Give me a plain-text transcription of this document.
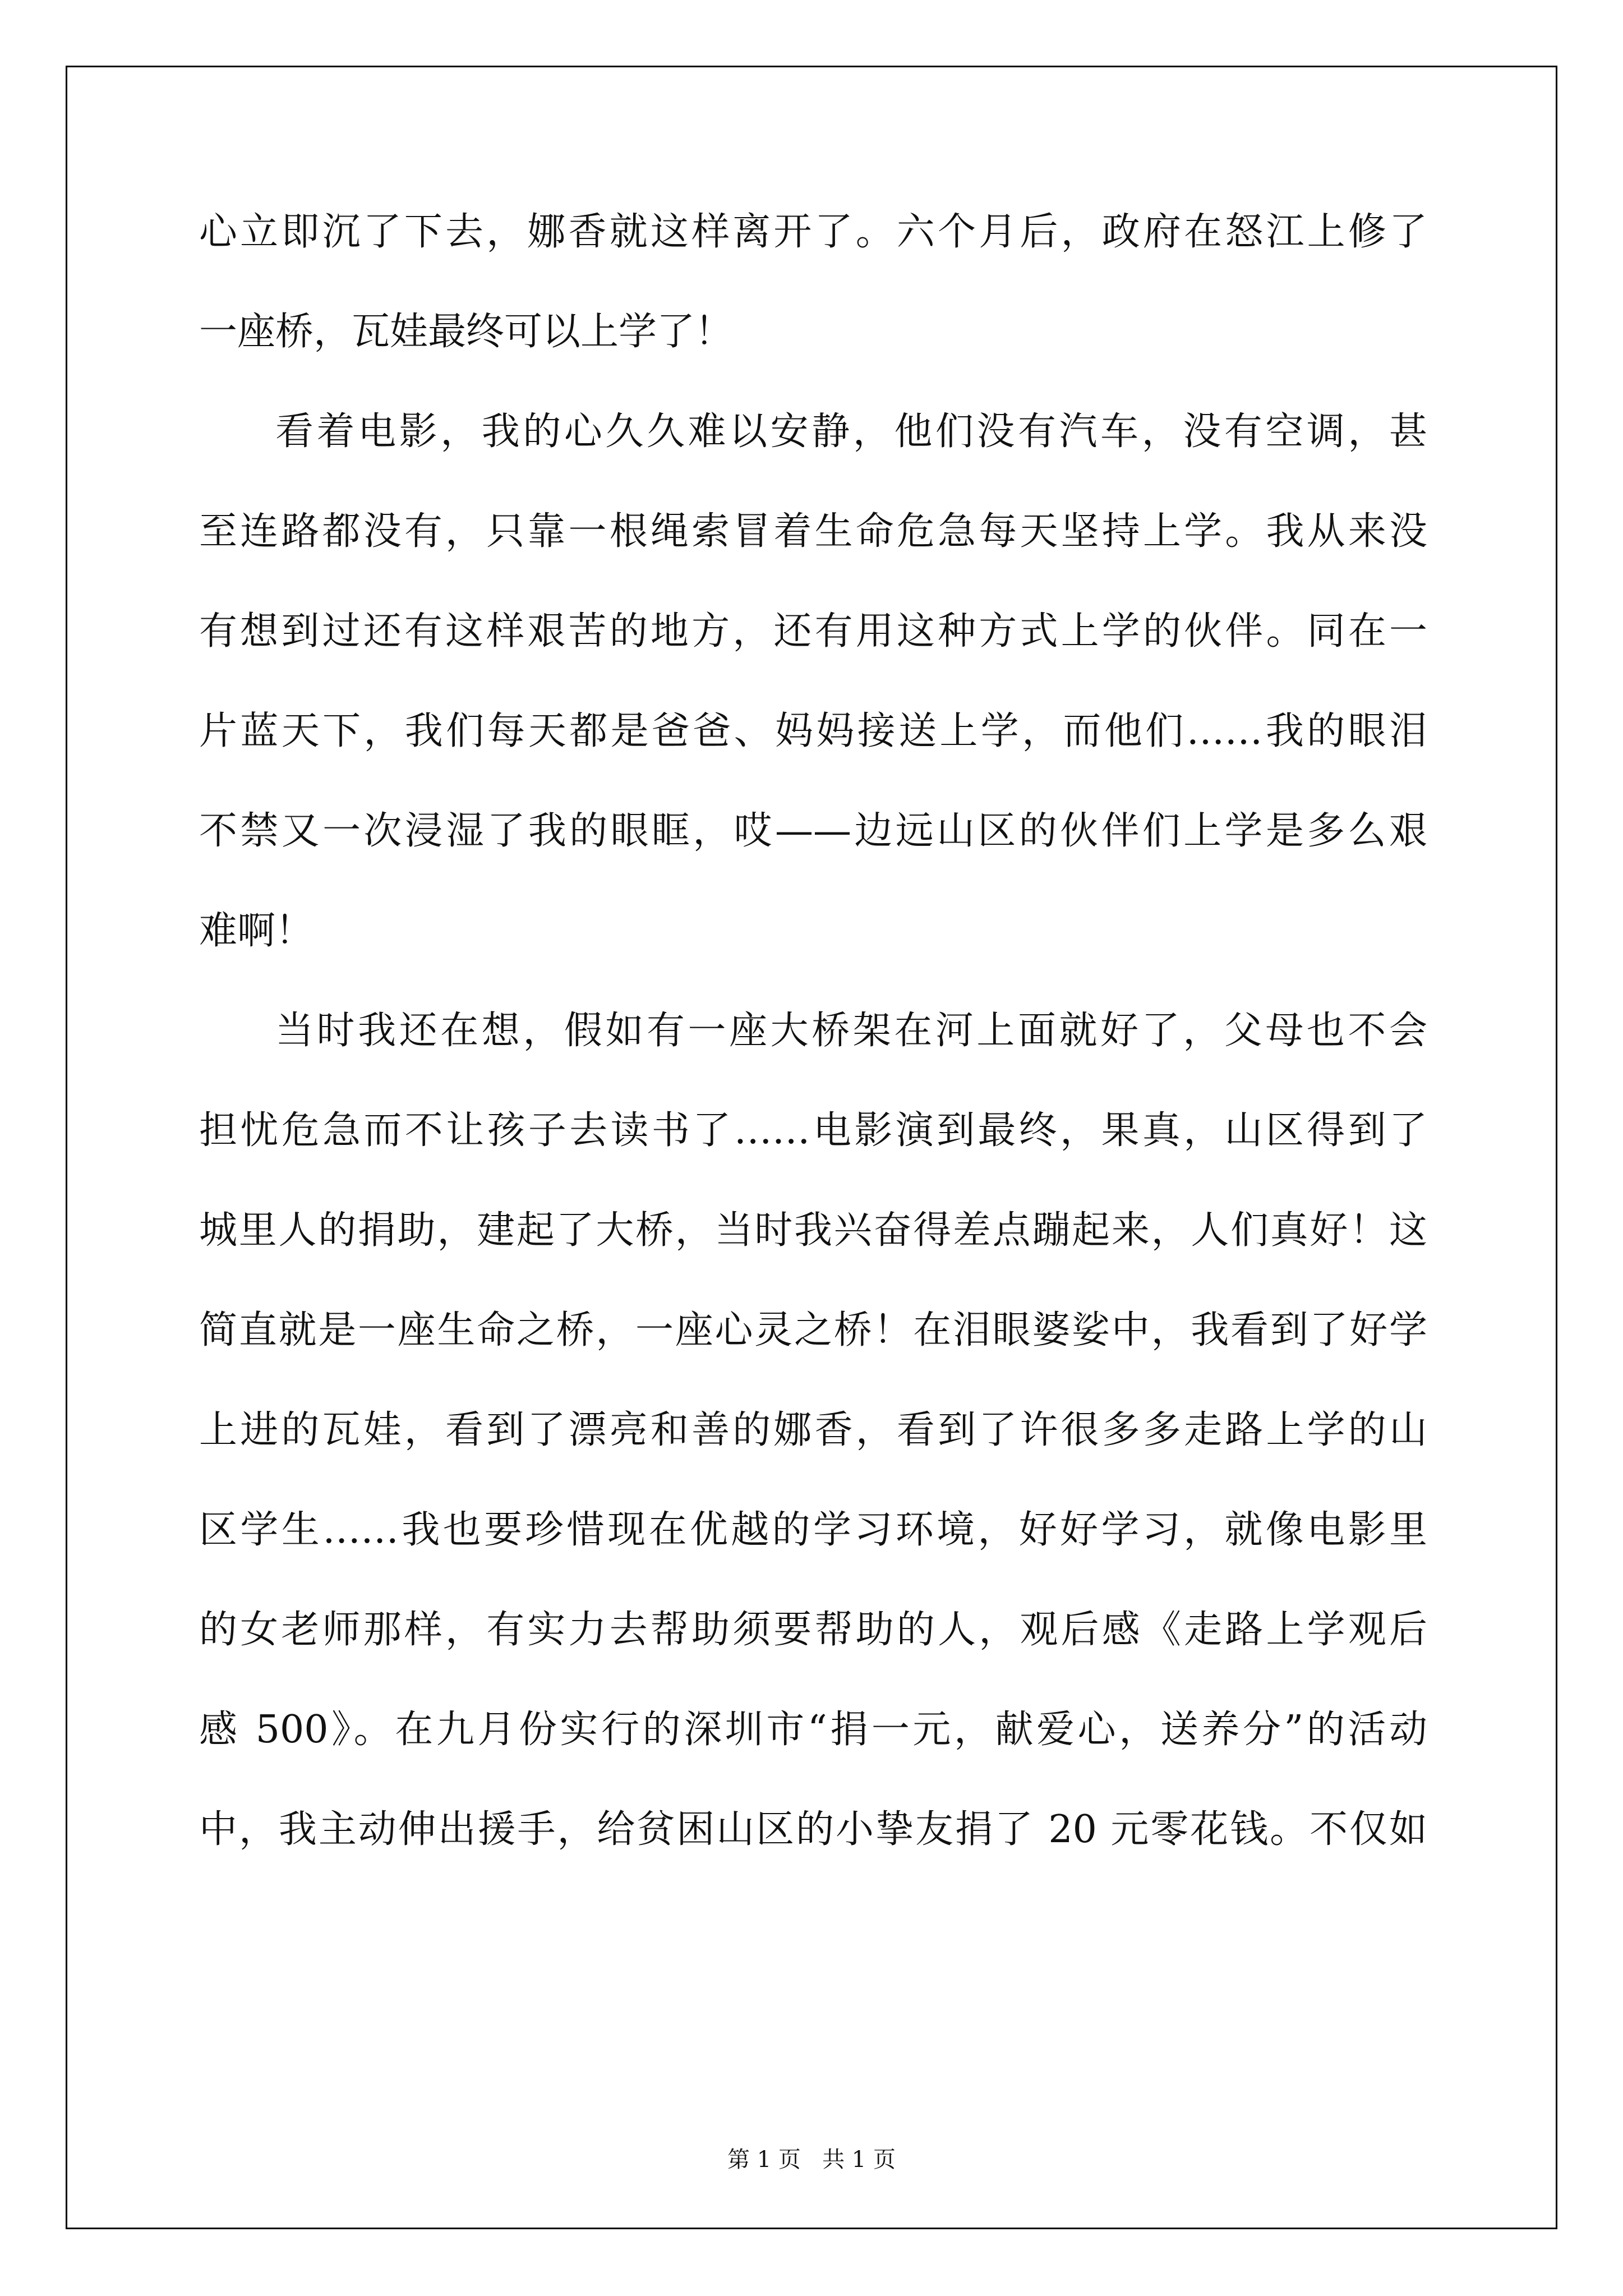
心立即沉了下去，娜香就这样离开了。六个月后，政府在怒江上修了
一座桥，瓦娃最终可以上学了！
看着电影，我的心久久难以安静，他们没有汽车，没有空调，甚
至连路都没有，只靠一根绳索冒着生命危急每天坚持上学。我从来没
有想到过还有这样艰苦的地方，还有用这种方式上学的伙伴。同在一
片蓝天下，我们每天都是爸爸、妈妈接送上学，而他们……我的眼泪
不禁又一次浸湿了我的眼眶，哎——边远山区的伙伴们上学是多么艰
难啊！
当时我还在想，假如有一座大桥架在河上面就好了，父母也不会
担忧危急而不让孩子去读书了……电影演到最终，果真，山区得到了
城里人的捐助，建起了大桥，当时我兴奋得差点蹦起来，人们真好！这
简直就是一座生命之桥，一座心灵之桥！在泪眼婆娑中，我看到了好学
上进的瓦娃，看到了漂亮和善的娜香，看到了许很多多走路上学的山
区学生……我也要珍惜现在优越的学习环境，好好学习，就像电影里
的女老师那样，有实力去帮助须要帮助的人，观后感《走路上学观后
感 500》。在九月份实行的深圳市“捐一元，献爱心，送养分”的活动
中，我主动伸出援手，给贫困山区的小挚友捐了 20 元零花钱。不仅如
第 1 页   共 1 页
